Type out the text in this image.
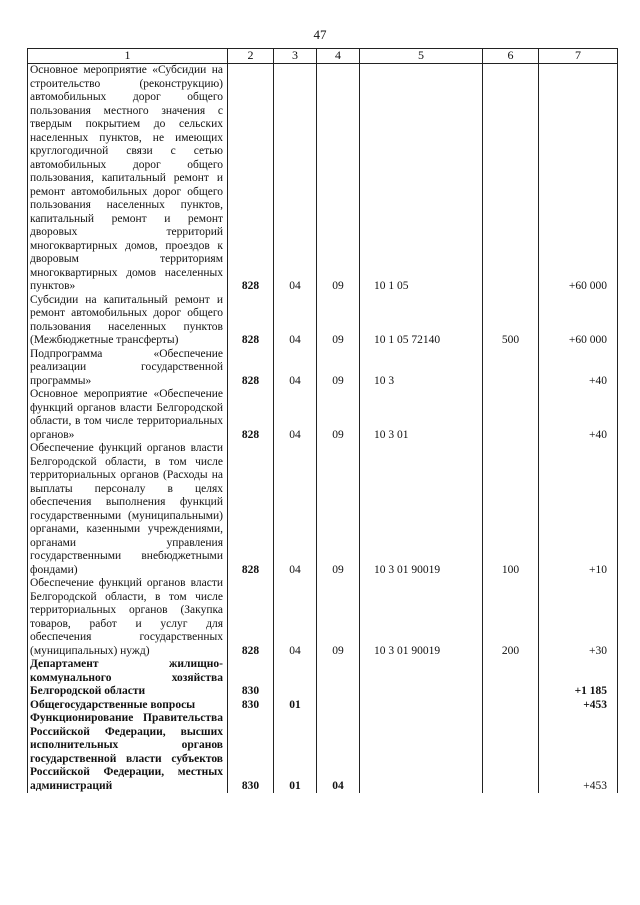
47
1	2	3	4	5	6	7
Основное мероприятие «Субсидии на строительство (реконструкцию) автомобильных дорог общего пользования местного значения с твердым покрытием до сельских населенных пунктов, не имеющих круглогодичной связи с сетью автомобильных дорог общего пользования, капитальный ремонт и ремонт автомобильных дорог общего пользования населенных пунктов, капитальный ремонт и ремонт дворовых территорий многоквартирных домов, проездов к дворовым территориям многоквартирных домов населенных пунктов»	828	04	09	10 1 05		+60 000
Субсидии на капитальный ремонт и ремонт автомобильных дорог общего пользования населенных пунктов (Межбюджетные трансферты)	828	04	09	10 1 05 72140	500	+60 000
Подпрограмма «Обеспечение реализации государственной программы»	828	04	09	10 3		+40
Основное мероприятие «Обеспечение функций органов власти Белгородской области, в том числе территориальных органов»	828	04	09	10 3 01		+40
Обеспечение функций органов власти Белгородской области, в том числе территориальных органов (Расходы на выплаты персоналу в целях обеспечения выполнения функций государственными (муниципальными) органами, казенными учреждениями, органами управления государственными внебюджетными фондами)	828	04	09	10 3 01 90019	100	+10
Обеспечение функций органов власти Белгородской области, в том числе территориальных органов (Закупка товаров, работ и услуг для обеспечения государственных (муниципальных) нужд)	828	04	09	10 3 01 90019	200	+30
Департамент жилищно-коммунального хозяйства Белгородской области	830					+1 185
Общегосударственные вопросы	830	01				+453
Функционирование Правительства Российской Федерации, высших исполнительных органов государственной власти субъектов Российской Федерации, местных администраций	830	01	04			+453
